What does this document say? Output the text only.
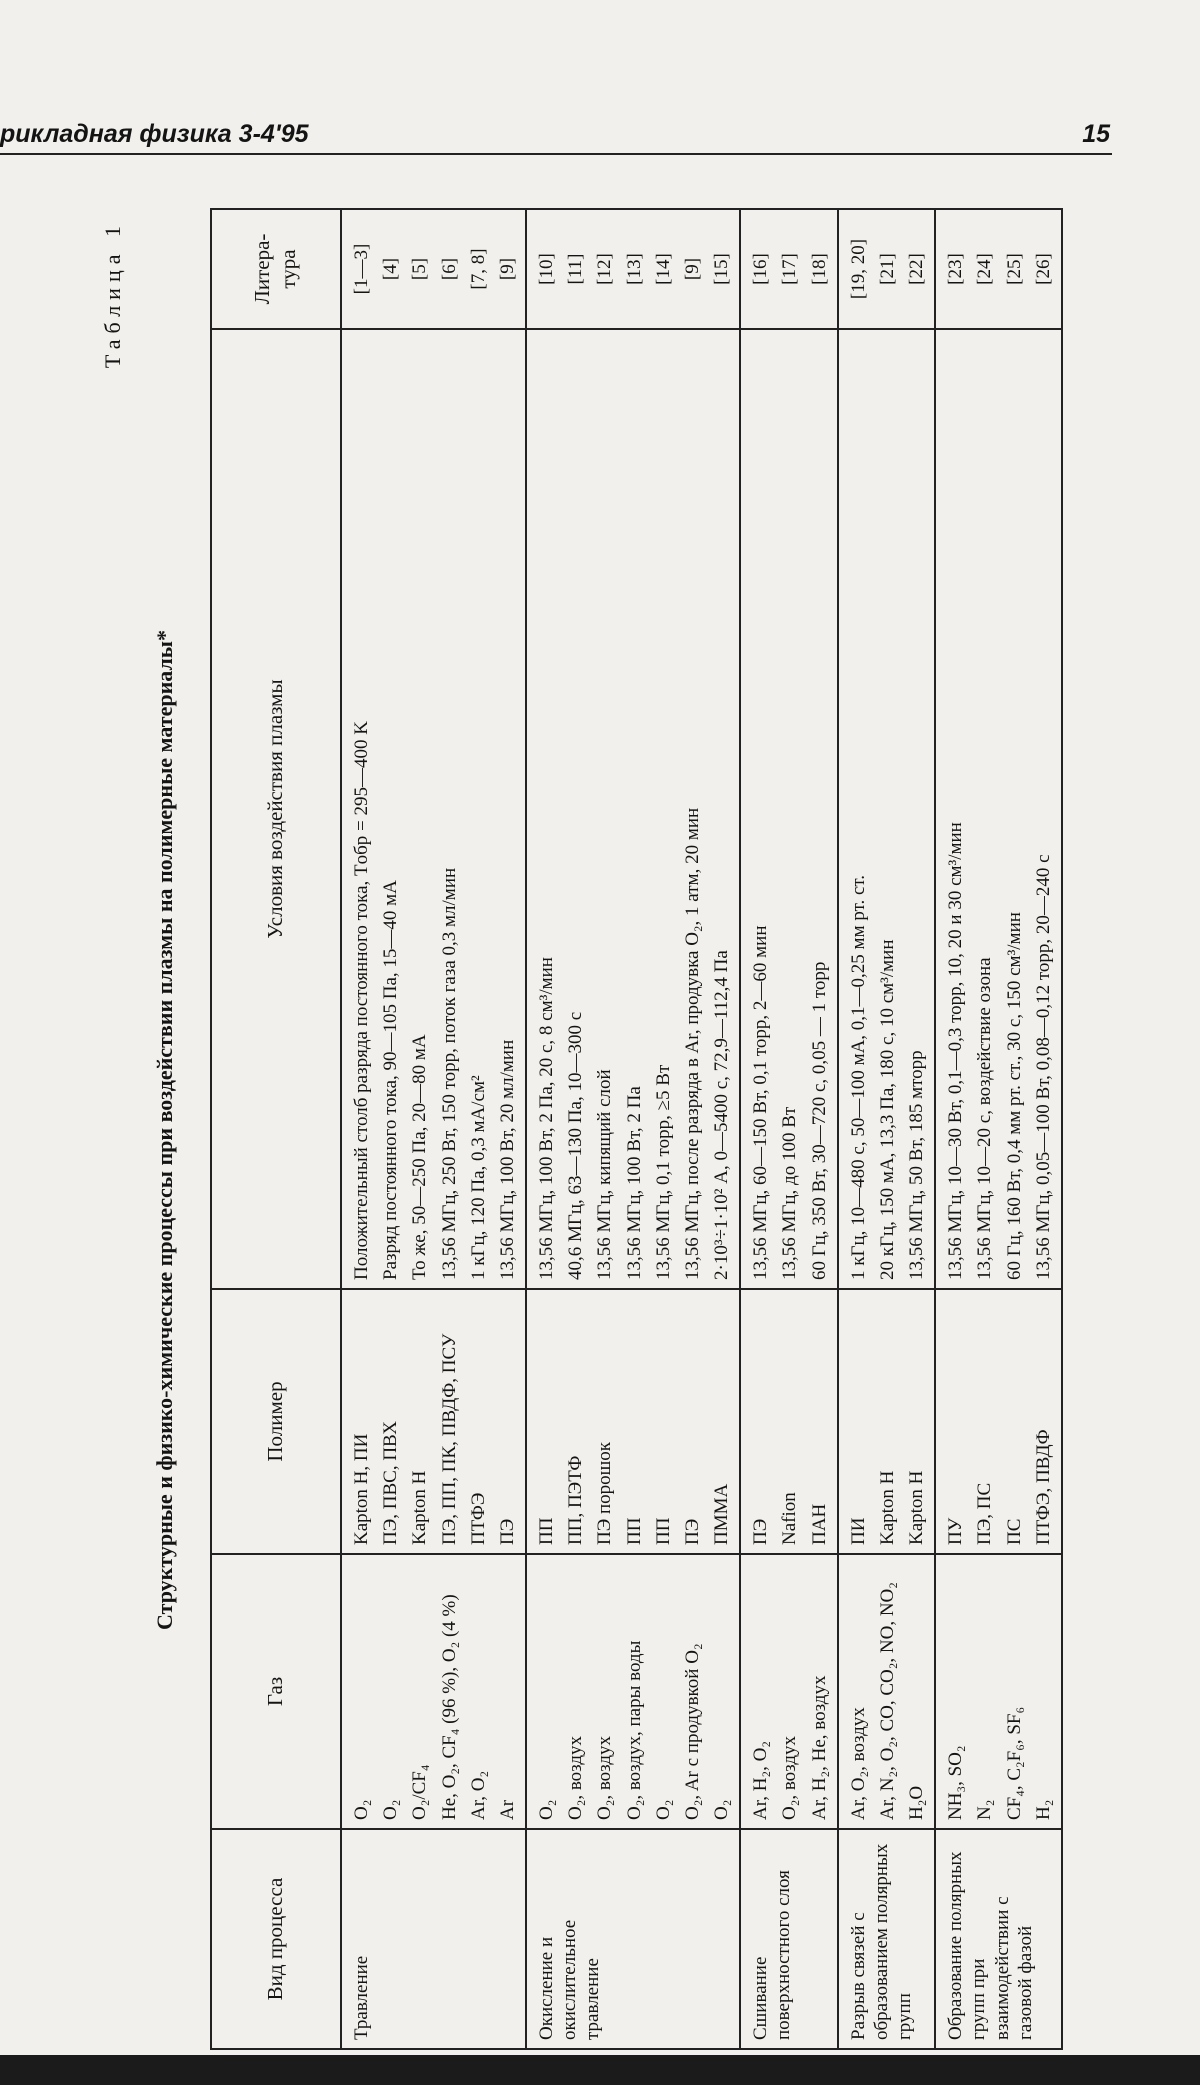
рикладная физика 3-4'95	15
Таблица 1
Структурные и физико-химические процессы при воздействии плазмы на полимерные материалы*
Вид процесса	Газ	Полимер	Условия воздействия плазмы	Литера-тура
Травление	O₂	Kapton H, ПИ	Положительный столб разряда постоянного тока, Tобр = 295—400 K	[1—3]
	O₂	ПЭ, ПВС, ПВХ	Разряд постоянного тока, 90—105 Па, 15—40 мА	[4]
	O₂/CF₄	Kapton H	То же, 50—250 Па, 20—80 мА	[5]
	He, O₂, CF₄ (96 %), O₂ (4 %)	ПЭ, ПП, ПК, ПВДФ, ПСУ	13,56 МГц, 250 Вт, 150 торр, поток газа 0,3 мл/мин	[6]
	Ar, O₂	ПТФЭ	1 кГц, 120 Па, 0,3 мА/см²	[7, 8]
	Ar	ПЭ	13,56 МГц, 100 Вт, 20 мл/мин	[9]
Окисление и окислительное травление	O₂	ПП	13,56 МГц, 100 Вт, 2 Па, 20 с, 8 см³/мин	[10]
	O₂, воздух	ПП, ПЭТФ	40,6 МГц, 63—130 Па, 10—300 с	[11]
	O₂, воздух	ПЭ порошок	13,56 МГц, кипящий слой	[12]
	O₂, воздух, пары воды	ПП	13,56 МГц, 100 Вт, 2 Па	[13]
	O₂	ПП	13,56 МГц, 0,1 торр, ≥5 Вт	[14]
	O₂, Ar с продувкой O₂	ПЭ	13,56 МГц, после разряда в Ar, продувка O₂, 1 атм, 20 мин	[9]
	O₂	ПММА	2·10³÷1·10² А, 0—5400 с, 72,9—112,4 Па	[15]
Сшивание поверхностного слоя	Ar, H₂, O₂	ПЭ	13,56 МГц, 60—150 Вт, 0,1 торр, 2—60 мин	[16]
	O₂, воздух	Nafion	13,56 МГц, до 100 Вт	[17]
	Ar, H₂, He, воздух	ПАН	60 Гц, 350 Вт, 30—720 с, 0,05 — 1 торр	[18]
Разрыв связей с образованием полярных групп	Ar, O₂, воздух	ПИ	1 кГц, 10—480 с, 50—100 мА, 0,1—0,25 мм рт. ст.	[19, 20]
	Ar, N₂, O₂, CO, CO₂, NO, NO₂	Kapton H	20 кГц, 150 мА, 13,3 Па, 180 с, 10 см³/мин	[21]
	H₂O	Kapton H	13,56 МГц, 50 Вт, 185 мторр	[22]
Образование полярных групп при взаимодействии с газовой фазой	NH₃, SO₂	ПУ	13,56 МГц, 10—30 Вт, 0,1—0,3 торр, 10, 20 и 30 см³/мин	[23]
	N₂	ПЭ, ПС	13,56 МГц, 10—20 с, воздействие озона	[24]
	CF₄, C₂F₆, SF₆	ПС	60 Гц, 160 Вт, 0,4 мм рт. ст., 30 с, 150 см³/мин	[25]
	H₂	ПТФЭ, ПВДФ	13,56 МГц, 0,05—100 Вт, 0,08—0,12 торр, 20—240 с	[26]
